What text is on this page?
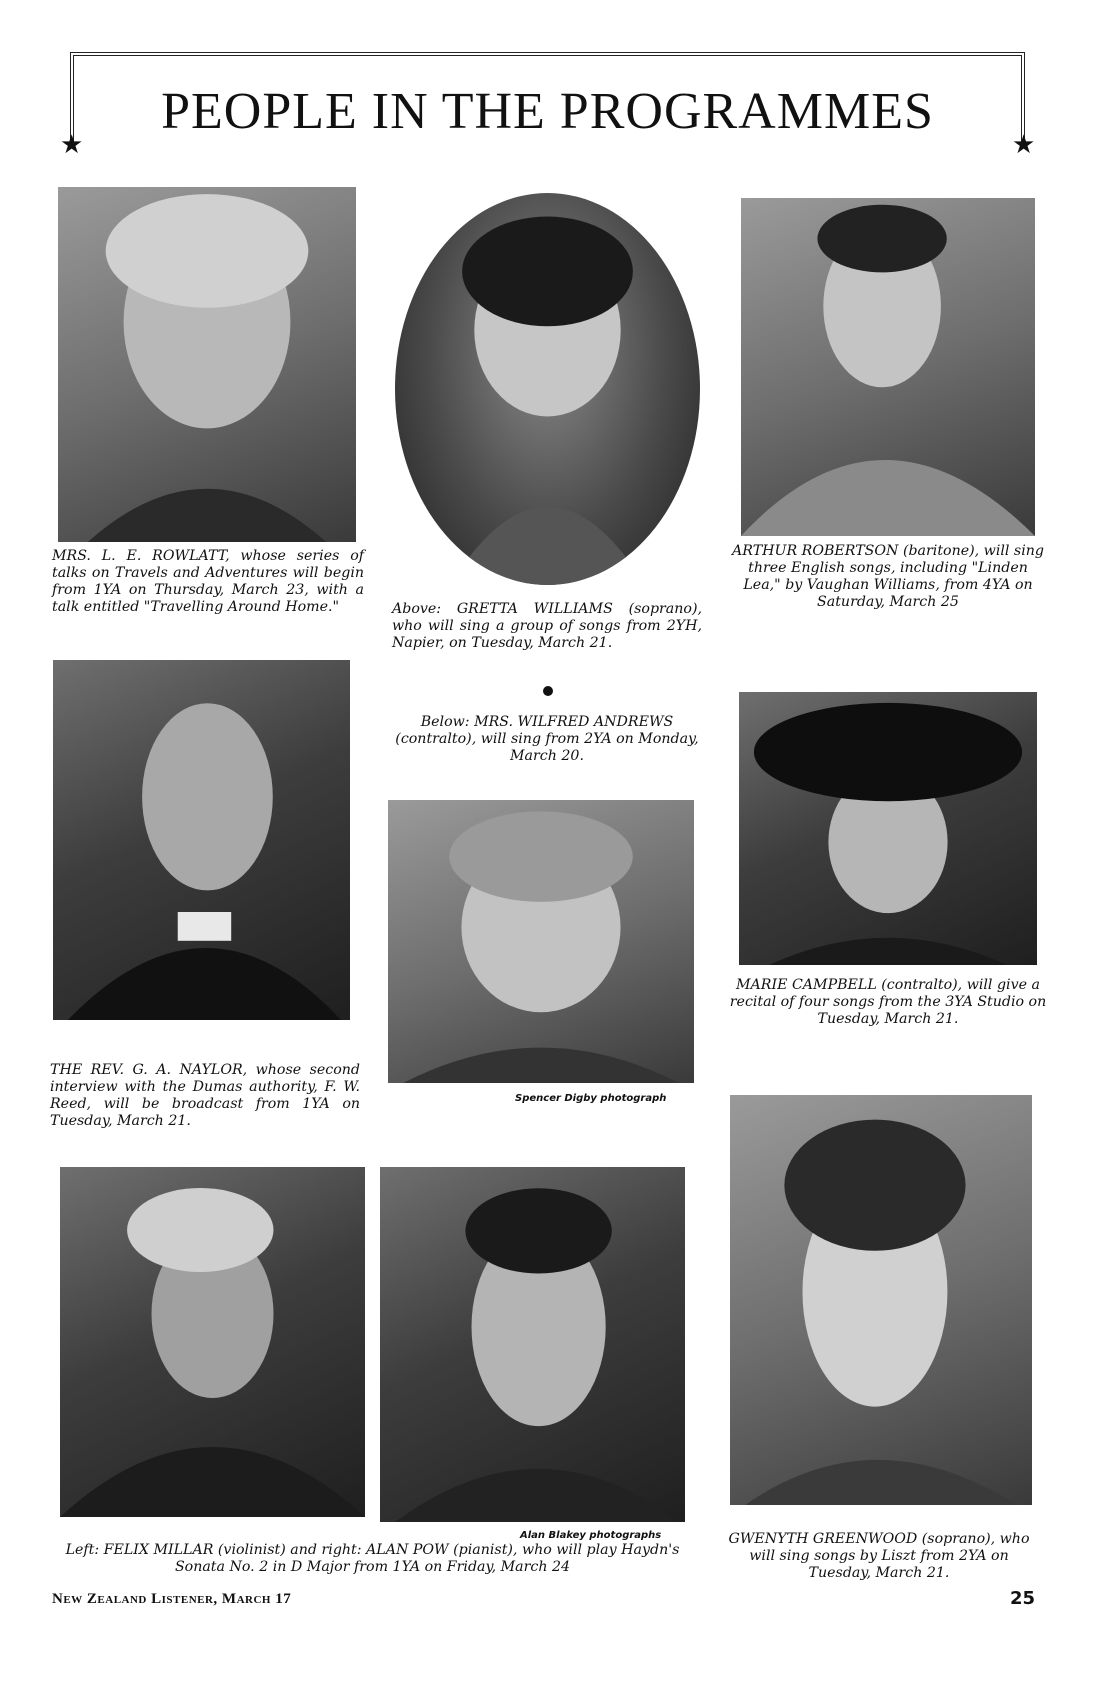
PEOPLE IN THE PROGRAMMES
★	★
MRS. L. E. ROWLATT, whose series of talks on Travels and Adventures will begin from 1YA on Thursday, March 23, with a talk entitled "Travelling Around Home."	Above: GRETTA WILLIAMS (soprano), who will sing a group of songs from 2YH, Napier, on Tuesday, March 21.
Below: MRS. WILFRED ANDREWS (contralto), will sing from 2YA on Monday, March 20.
ARTHUR ROBERTSON (baritone), will sing three English songs, including "Linden Lea," by Vaughan Williams, from 4YA on Saturday, March 25
THE REV. G. A. NAYLOR, whose second interview with the Dumas authority, F. W. Reed, will be broadcast from 1YA on Tuesday, March 21.
Spencer Digby photograph
MARIE CAMPBELL (contralto), will give a recital of four songs from the 3YA Studio on Tuesday, March 21.
Alan Blakey photographs
Left: FELIX MILLAR (violinist) and right: ALAN POW (pianist), who will play Haydn's Sonata No. 2 in D Major from 1YA on Friday, March 24
GWENYTH GREENWOOD (soprano), who will sing songs by Liszt from 2YA on Tuesday, March 21.
New Zealand Listener, March 17	25
